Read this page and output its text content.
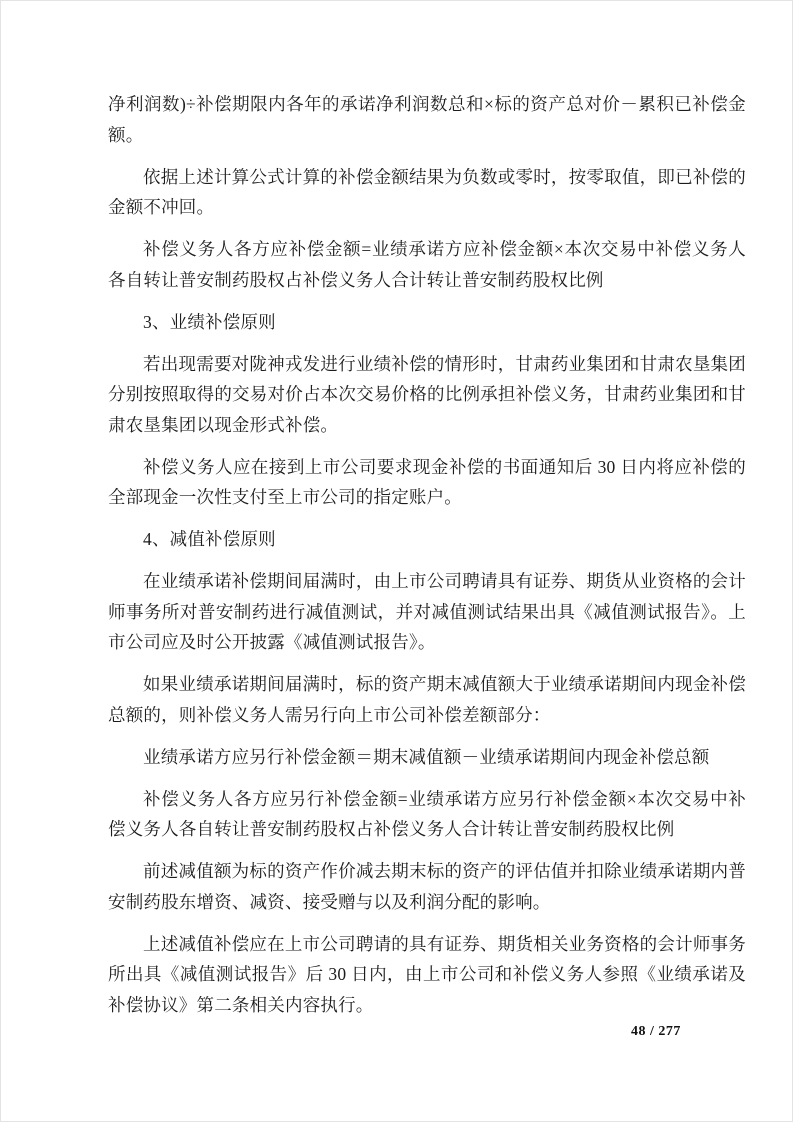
净利润数)÷补偿期限内各年的承诺净利润数总和×标的资产总对价－累积已补偿金额。

依据上述计算公式计算的补偿金额结果为负数或零时，按零取值，即已补偿的金额不冲回。

补偿义务人各方应补偿金额=业绩承诺方应补偿金额×本次交易中补偿义务人各自转让普安制药股权占补偿义务人合计转让普安制药股权比例

3、业绩补偿原则

若出现需要对陇神戎发进行业绩补偿的情形时，甘肃药业集团和甘肃农垦集团分别按照取得的交易对价占本次交易价格的比例承担补偿义务，甘肃药业集团和甘肃农垦集团以现金形式补偿。

补偿义务人应在接到上市公司要求现金补偿的书面通知后 30 日内将应补偿的全部现金一次性支付至上市公司的指定账户。

4、减值补偿原则

在业绩承诺补偿期间届满时，由上市公司聘请具有证券、期货从业资格的会计师事务所对普安制药进行减值测试，并对减值测试结果出具《减值测试报告》。上市公司应及时公开披露《减值测试报告》。

如果业绩承诺期间届满时，标的资产期末减值额大于业绩承诺期间内现金补偿总额的，则补偿义务人需另行向上市公司补偿差额部分：

业绩承诺方应另行补偿金额＝期末减值额－业绩承诺期间内现金补偿总额

补偿义务人各方应另行补偿金额=业绩承诺方应另行补偿金额×本次交易中补偿义务人各自转让普安制药股权占补偿义务人合计转让普安制药股权比例

前述减值额为标的资产作价减去期末标的资产的评估值并扣除业绩承诺期内普安制药股东增资、减资、接受赠与以及利润分配的影响。

上述减值补偿应在上市公司聘请的具有证券、期货相关业务资格的会计师事务所出具《减值测试报告》后 30 日内，由上市公司和补偿义务人参照《业绩承诺及补偿协议》第二条相关内容执行。

48 / 277
